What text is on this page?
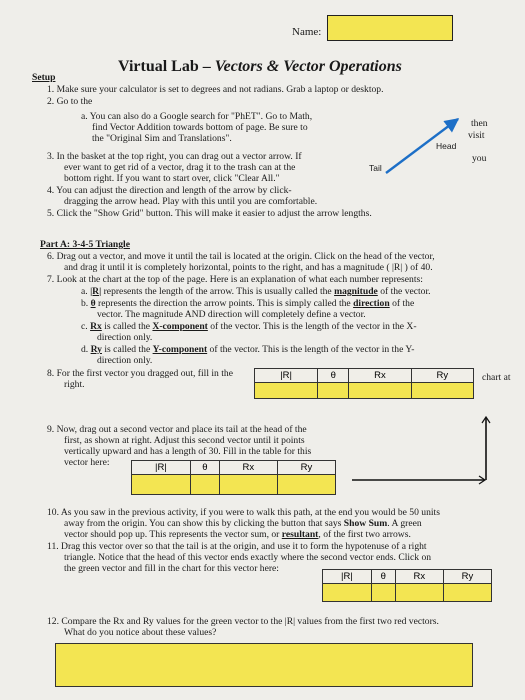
Name:
Virtual Lab – Vectors & Vector Operations
Setup
1. Make sure your calculator is set to degrees and not radians. Grab a laptop or desktop.
2. Go to the
a. You can also do a Google search for "PhET". Go to Math,
find Vector Addition towards bottom of page. Be sure to
the "Original Sim and Translations".
then
visit
you
3. In the basket at the top right, you can drag out a vector arrow. If
ever want to get rid of a vector, drag it to the trash can at the
bottom right. If you want to start over, click "Clear All."
4. You can adjust the direction and length of the arrow by click-
dragging the arrow head. Play with this until you are comfortable.
5. Click the "Show Grid" button. This will make it easier to adjust the arrow lengths.
Tail
Head
Part A: 3-4-5 Triangle
6. Drag out a vector, and move it until the tail is located at the origin. Click on the head of the vector,
and drag it until it is completely horizontal, points to the right, and has a magnitude ( |R| ) of 40.
7. Look at the chart at the top of the page. Here is an explanation of what each number represents:
a. |R| represents the length of the arrow. This is usually called the magnitude of the vector.
b. θ represents the direction the arrow points. This is simply called the direction of the
vector. The magnitude AND direction will completely define a vector.
c. Rx is called the X-component of the vector. This is the length of the vector in the X-
direction only.
d. Ry is called the Y-component of the vector. This is the length of the vector in the Y-
direction only.
8. For the first vector you dragged out, fill in the
right.
chart at
|R|	θ	Rx	Ry

9. Now, drag out a second vector and place its tail at the head of the
first, as shown at right. Adjust this second vector until it points
vertically upward and has a length of 30. Fill in the table for this
vector here:	|R|	θ	Rx	Ry

10. As you saw in the previous activity, if you were to walk this path, at the end you would be 50 units
away from the origin. You can show this by clicking the button that says Show Sum. A green
vector should pop up. This represents the vector sum, or resultant, of the first two arrows.
11. Drag this vector over so that the tail is at the origin, and use it to form the hypotenuse of a right
triangle. Notice that the head of this vector ends exactly where the second vector ends. Click on
the green vector and fill in the chart for this vector here:
|R|	θ	Rx	Ry

12. Compare the Rx and Ry values for the green vector to the |R| values from the first two red vectors.
What do you notice about these values?
